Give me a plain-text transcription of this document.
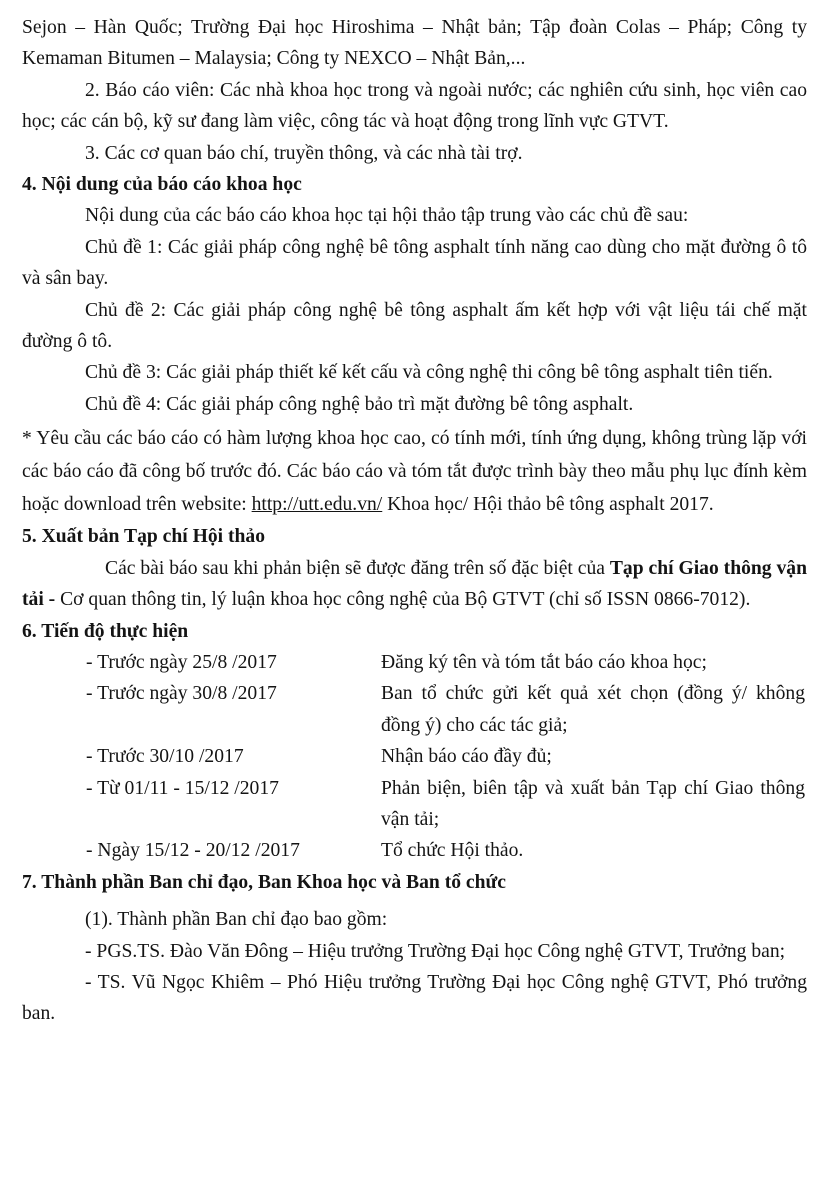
Sejon – Hàn Quốc; Trường Đại học Hiroshima – Nhật bản; Tập đoàn Colas – Pháp; Công ty Kemaman Bitumen – Malaysia; Công ty NEXCO – Nhật Bản,...

2. Báo cáo viên: Các nhà khoa học trong và ngoài nước; các nghiên cứu sinh, học viên cao học; các cán bộ, kỹ sư đang làm việc, công tác và hoạt động trong lĩnh vực GTVT.

3. Các cơ quan báo chí, truyền thông, và các nhà tài trợ.

4. Nội dung của báo cáo khoa học

Nội dung của các báo cáo khoa học tại hội thảo tập trung vào các chủ đề sau:

Chủ đề 1: Các giải pháp công nghệ bê tông asphalt tính năng cao dùng cho mặt đường ô tô và sân bay.

Chủ đề 2: Các giải pháp công nghệ bê tông asphalt ấm kết hợp với vật liệu tái chế mặt đường ô tô.

Chủ đề 3: Các giải pháp thiết kế kết cấu và công nghệ thi công bê tông asphalt tiên tiến.

Chủ đề 4: Các giải pháp công nghệ bảo trì mặt đường bê tông asphalt.

* Yêu cầu các báo cáo có hàm lượng khoa học cao, có tính mới, tính ứng dụng, không trùng lặp với các báo cáo đã công bố trước đó. Các báo cáo và tóm tắt được trình bày theo mẫu phụ lục đính kèm hoặc download trên website: http://utt.edu.vn/ Khoa học/ Hội thảo bê tông asphalt 2017.

5. Xuất bản Tạp chí Hội thảo

Các bài báo sau khi phản biện sẽ được đăng trên số đặc biệt của Tạp chí Giao thông vận tải - Cơ quan thông tin, lý luận khoa học công nghệ của Bộ GTVT (chỉ số ISSN 0866-7012).

6. Tiến độ thực hiện

- Trước ngày 25/8 /2017	Đăng ký tên và tóm tắt báo cáo khoa học;
- Trước ngày 30/8 /2017	Ban tổ chức gửi kết quả xét chọn (đồng ý/ không đồng ý) cho các tác giả;
- Trước 30/10 /2017	Nhận báo cáo đầy đủ;
- Từ 01/11 - 15/12 /2017	Phản biện, biên tập và xuất bản Tạp chí Giao thông vận tải;
- Ngày 15/12 - 20/12 /2017	Tổ chức Hội thảo.

7. Thành phần Ban chỉ đạo, Ban Khoa học và Ban tổ chức

(1). Thành phần Ban chỉ đạo bao gồm:

- PGS.TS. Đào Văn Đông – Hiệu trưởng Trường Đại học Công nghệ GTVT, Trưởng ban;

- TS. Vũ Ngọc Khiêm – Phó Hiệu trưởng Trường Đại học Công nghệ GTVT, Phó trưởng ban.
